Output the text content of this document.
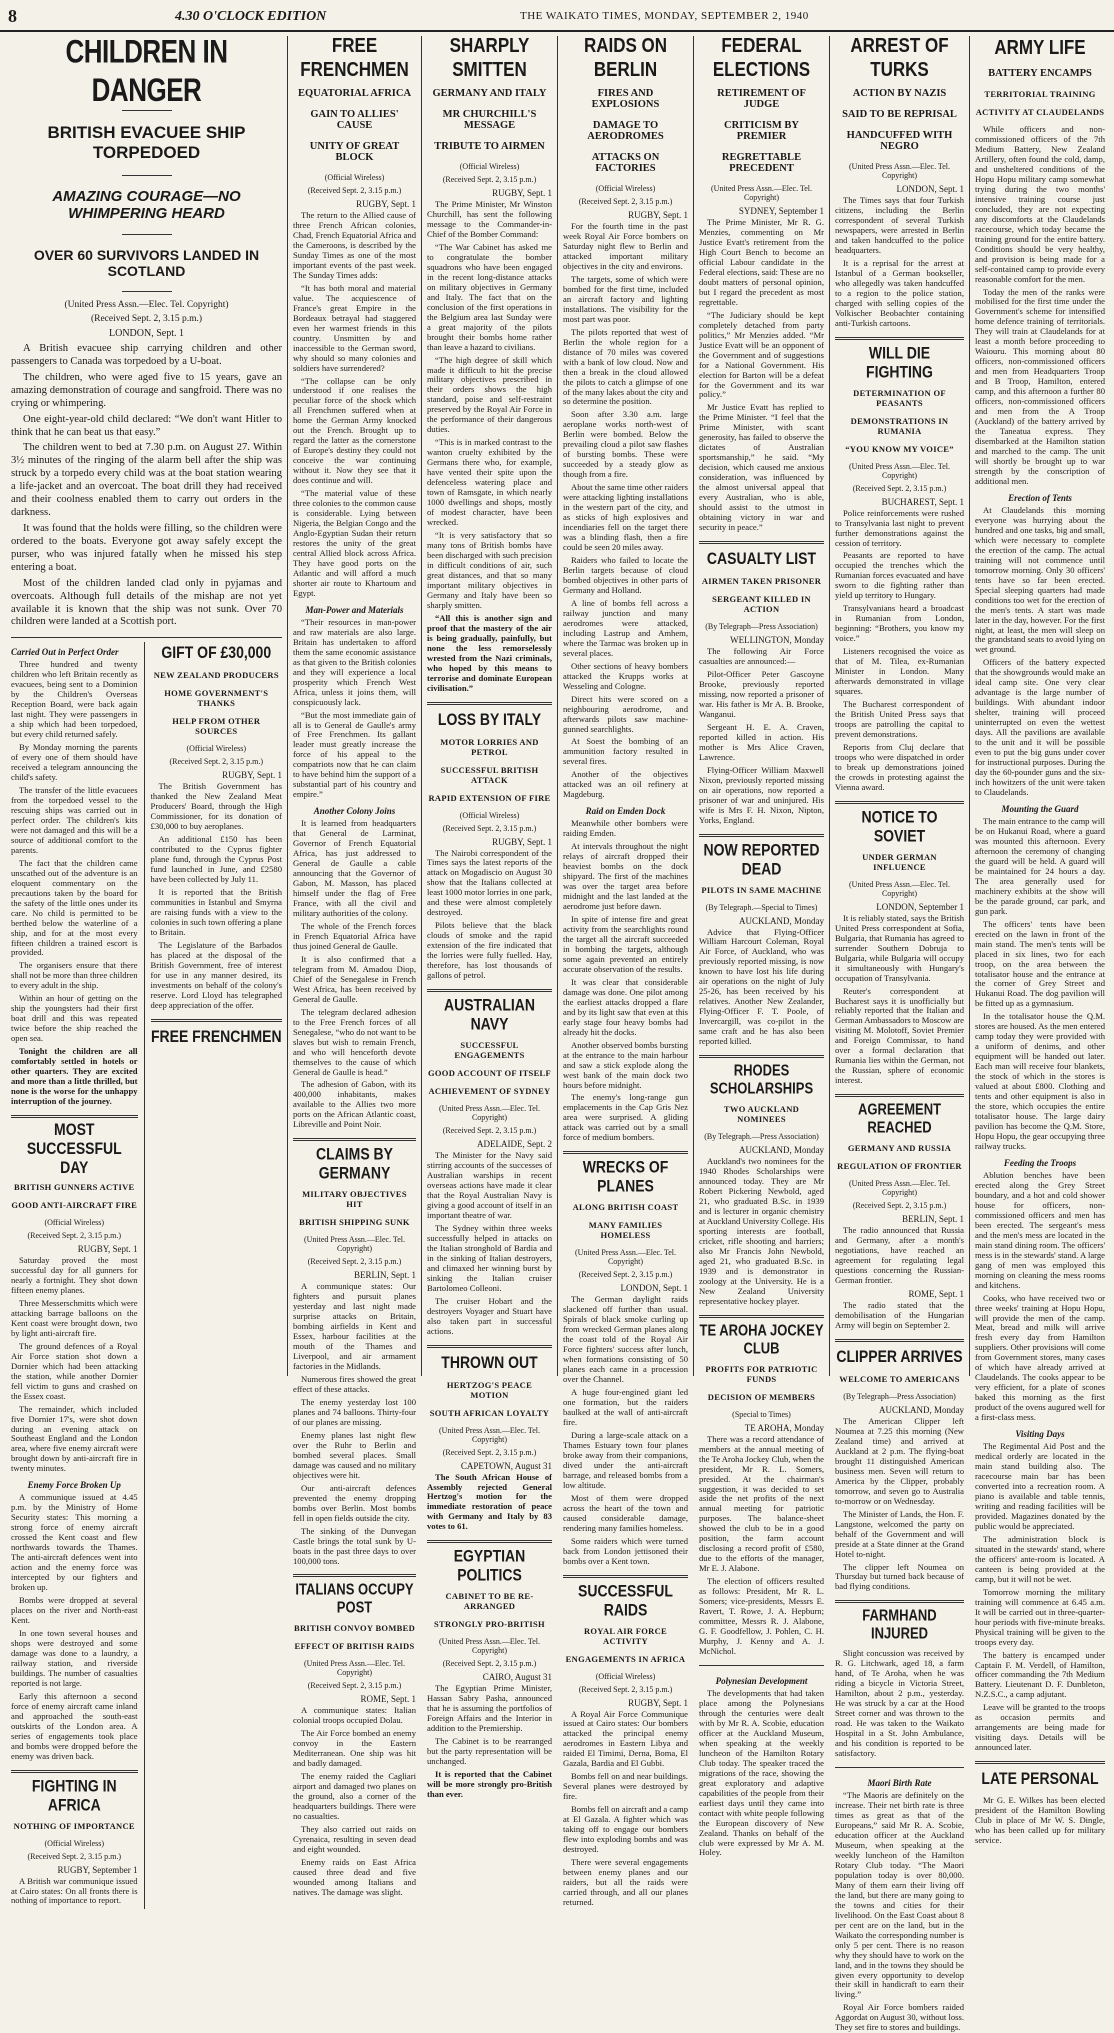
8	4.30 O'CLOCK EDITION	THE WAIKATO TIMES, MONDAY, SEPTEMBER 2, 1940
CHILDREN IN DANGER
BRITISH EVACUEE SHIP TORPEDOED
AMAZING COURAGE—NO WHIMPERING HEARD
OVER 60 SURVIVORS LANDED IN SCOTLAND
(United Press Assn.—Elec. Tel. Copyright)
(Received Sept. 2, 3.15 p.m.)
LONDON, Sept. 1

A British evacuee ship carrying children and other passengers to Canada was torpedoed by a U-boat.

The children, who were aged five to 15 years, gave an amazing demonstration of courage and sangfroid. There was no crying or whimpering.

One eight-year-old child declared: “We don't want Hitler to think that he can beat us that easy.”

The children went to bed at 7.30 p.m. on August 27. Within 3½ minutes of the ringing of the alarm bell after the ship was struck by a torpedo every child was at the boat station wearing a life-jacket and an overcoat. The boat drill they had received and their coolness enabled them to carry out orders in the darkness.

It was found that the holds were filling, so the children were ordered to the boats. Everyone got away safely except the purser, who was injured fatally when he missed his step entering a boat.

Most of the children landed clad only in pyjamas and overcoats. Although full details of the mishap are not yet available it is known that the ship was not sunk. Over 70 children were landed at a Scottish port.

Carried Out in Perfect Order

Three hundred and twenty children who left Britain recently as evacuees, being sent to a Dominion by the Children's Overseas Reception Board, were back again last night. They were passengers in a ship which had been torpedoed, but every child returned safely.

By Monday morning the parents of every one of them should have received a telegram announcing the child's safety.

The transfer of the little evacuees from the torpedoed vessel to the rescuing ships was carried out in perfect order. The children's kits were not damaged and this will be a source of additional comfort to the parents.

The fact that the children came unscathed out of the adventure is an eloquent commentary on the precautions taken by the board for the safety of the little ones under its care. No child is permitted to be berthed below the waterline of a ship, and for at the most every fifteen children a trained escort is provided.

The organisers ensure that there shall not be more than three children to every adult in the ship.

Within an hour of getting on the ship the youngsters had their first boat drill and this was repeated twice before the ship reached the open sea.

Tonight the children are all comfortably settled in hotels or other quarters. They are excited and more than a little thrilled, but none is the worse for the unhappy interruption of the journey.

MOST SUCCESSFUL DAY
BRITISH GUNNERS ACTIVE
GOOD ANTI-AIRCRAFT FIRE
(Official Wireless)
(Received Sept. 2, 3.15 p.m.)
RUGBY, Sept. 1

Saturday proved the most successful day for all gunners for nearly a fortnight. They shot down fifteen enemy planes.

Three Messerschmitts which were attacking barrage balloons on the Kent coast were brought down, two by light anti-aircraft fire.

The ground defences of a Royal Air Force station shot down a Dornier which had been attacking the station, while another Dornier fell victim to guns and crashed on the Essex coast.

The remainder, which included five Dornier 17's, were shot down during an evening attack on Southeast England and the London area, where five enemy aircraft were brought down by anti-aircraft fire in twenty minutes.

Enemy Force Broken Up

A communique issued at 4.45 p.m. by the Ministry of Home Security states: This morning a strong force of enemy aircraft crossed the Kent coast and flew northwards towards the Thames. The anti-aircraft defences went into action and the enemy force was intercepted by our fighters and broken up.

Bombs were dropped at several places on the river and North-east Kent.

In one town several houses and shops were destroyed and some damage was done to a laundry, a railway station, and riverside buildings. The number of casualties reported is not large.

Early this afternoon a second force of enemy aircraft came inland and approached the south-east outskirts of the London area. A series of engagements took place and bombs were dropped before the enemy was driven back.

FIGHTING IN AFRICA
NOTHING OF IMPORTANCE
(Official Wireless)
(Received Sept. 2, 3.15 p.m.)
RUGBY, September 1

A British war communique issued at Cairo states: On all fronts there is nothing of importance to report.

GIFT OF £30,000
NEW ZEALAND PRODUCERS
HOME GOVERNMENT'S THANKS
HELP FROM OTHER SOURCES
(Official Wireless)
(Received Sept. 2, 3.15 p.m.)
RUGBY, Sept. 1

The British Government has thanked the New Zealand Meat Producers' Board, through the High Commissioner, for its donation of £30,000 to buy aeroplanes.

An additional £150 has been contributed to the Cyprus fighter plane fund, through the Cyprus Post fund launched in June, and £2580 have been collected by July 11.

It is reported that the British communities in Istanbul and Smyrna are raising funds with a view to the colonies in such town offering a plane to Britain.

The Legislature of the Barbados has placed at the disposal of the British Government, free of interest for use in any manner desired, its investments on behalf of the colony's reserve. Lord Lloyd has telegraphed deep appreciation of the offer.

FREE FRENCHMEN
FREE FRENCHMEN
EQUATORIAL AFRICA
GAIN TO ALLIES' CAUSE
UNITY OF GREAT BLOCK
(Official Wireless)
(Received Sept. 2, 3.15 p.m.)
RUGBY, Sept. 1

The return to the Allied cause of three French African colonies, Chad, French Equatorial Africa and the Cameroons, is described by the Sunday Times as one of the most important events of the past week. The Sunday Times adds:

“It has both moral and material value. The acquiescence of France's great Empire in the Bordeaux betrayal had staggered even her warmest friends in this country. Unsmitten by and inaccessible to the German sword, why should so many colonies and soldiers have surrendered?

“The collapse can be only understood if one realises the peculiar force of the shock which all Frenchmen suffered when at home the German Army knocked out the French. Brought up to regard the latter as the cornerstone of Europe's destiny they could not conceive the war continuing without it. Now they see that it does continue and will.

“The material value of these three colonies to the common cause is considerable. Lying between Nigeria, the Belgian Congo and the Anglo-Egyptian Sudan their return restores the unity of the great central Allied block across Africa. They have good ports on the Atlantic and will afford a much shorter air route to Khartoum and Egypt.

Man-Power and Materials

“Their resources in man-power and raw materials are also large. Britain has undertaken to afford them the same economic assistance as that given to the British colonies and they will experience a local prosperity which French West Africa, unless it joins them, will conspicuously lack.

“But the most immediate gain of all is to General de Gaulle's army of Free Frenchmen. Its gallant leader must greatly increase the force of his appeal to the compatriots now that he can claim to have behind him the support of a substantial part of his country and empire.”

Another Colony Joins

It is learned from headquarters that General de Larminat, Governor of French Equatorial Africa, has just addressed to General de Gaulle a cable announcing that the Governor of Gabon, M. Masson, has placed himself under the flag of Free France, with all the civil and military authorities of the colony.

The whole of the French forces in French Equatorial Africa have thus joined General de Gaulle.

It is also confirmed that a telegram from M. Amadou Diop, Chief of the Senegalese in French West Africa, has been received by General de Gaulle.

The telegram declared adhesion to the Free French forces of all Senegalese, “who do not want to be slaves but wish to remain French, and who will henceforth devote themselves to the cause of which General de Gaulle is head.”

The adhesion of Gabon, with its 400,000 inhabitants, makes available to the Allies two more ports on the African Atlantic coast, Libreville and Point Noir.

CLAIMS BY GERMANY
MILITARY OBJECTIVES HIT
BRITISH SHIPPING SUNK
(United Press Assn.—Elec. Tel. Copyright)
(Received Sept. 2, 3.15 p.m.)
BERLIN, Sept. 1

A communique states: Our fighters and pursuit planes yesterday and last night made surprise attacks on Britain, bombing airfields in Kent and Essex, harbour facilities at the mouth of the Thames and Liverpool, and air armament factories in the Midlands.

Numerous fires showed the great effect of these attacks.

The enemy yesterday lost 100 planes and 74 balloons. Thirty-four of our planes are missing.

Enemy planes last night flew over the Ruhr to Berlin and bombed several places. Small damage was caused and no military objectives were hit.

Our anti-aircraft defences prevented the enemy dropping bombs over Berlin. Most bombs fell in open fields outside the city.

The sinking of the Dunvegan Castle brings the total sunk by U-boats in the past three days to over 100,000 tons.

ITALIANS OCCUPY POST
BRITISH CONVOY BOMBED
EFFECT OF BRITISH RAIDS
(United Press Assn.—Elec. Tel. Copyright)
(Received Sept. 2, 3.15 p.m.)
ROME, Sept. 1

A communique states: Italian colonial troops occupied Dolau.

The Air Force bombed an enemy convoy in the Eastern Mediterranean. One ship was hit and badly damaged.

The enemy raided the Cagliari airport and damaged two planes on the ground, also a corner of the headquarters buildings. There were no casualties.

They also carried out raids on Cyrenaica, resulting in seven dead and eight wounded.

Enemy raids on East Africa caused three dead and five wounded among Italians and natives. The damage was slight.

SHARPLY SMITTEN
GERMANY AND ITALY
MR CHURCHILL'S MESSAGE
TRIBUTE TO AIRMEN
(Official Wireless)
(Received Sept. 2, 3.15 p.m.)
RUGBY, Sept. 1

The Prime Minister, Mr Winston Churchill, has sent the following message to the Commander-in-Chief of the Bomber Command:

“The War Cabinet has asked me to congratulate the bomber squadrons who have been engaged in the recent long-distance attacks on military objectives in Germany and Italy. The fact that on the conclusion of the first operations in the Belgium area last Sunday were a great majority of the pilots brought their bombs home rather than leave a hazard to civilians.

“The high degree of skill which made it difficult to hit the precise military objectives prescribed in their orders shows the high standard, poise and self-restraint preserved by the Royal Air Force in the performance of their dangerous duties.

“This is in marked contrast to the wanton cruelty exhibited by the Germans there who, for example, have vented their spite upon the defenceless watering place and town of Ramsgate, in which nearly 1000 dwellings and shops, mostly of modest character, have been wrecked.

“It is very satisfactory that so many tons of British bombs have been discharged with such precision in difficult conditions of air, such great distances, and that so many important military objectives in Germany and Italy have been so sharply smitten.

“All this is another sign and proof that the mastery of the air is being gradually, painfully, but none the less remorselessly wrested from the Nazi criminals, who hoped by this means to terrorise and dominate European civilisation.”

LOSS BY ITALY
MOTOR LORRIES AND PETROL
SUCCESSFUL BRITISH ATTACK
RAPID EXTENSION OF FIRE
(Official Wireless)
(Received Sept. 2, 3.15 p.m.)
RUGBY, Sept. 1

The Nairobi correspondent of the Times says the latest reports of the attack on Mogadiscio on August 30 show that the Italians collected at least 1000 motor lorries in one park, and these were almost completely destroyed.

Pilots believe that the black clouds of smoke and the rapid extension of the fire indicated that the lorries were fully fuelled. Hay, therefore, has lost thousands of gallons of petrol.

AUSTRALIAN NAVY
SUCCESSFUL ENGAGEMENTS
GOOD ACCOUNT OF ITSELF
ACHIEVEMENT OF SYDNEY
(United Press Assn.—Elec. Tel. Copyright)
(Received Sept. 2, 3.15 p.m.)
ADELAIDE, Sept. 2

The Minister for the Navy said stirring accounts of the successes of Australian warships in recent overseas actions have made it clear that the Royal Australian Navy is giving a good account of itself in an important theatre of war.

The Sydney within three weeks successfully helped in attacks on the Italian stronghold of Bardia and in the sinking of Italian destroyers, and climaxed her winning burst by sinking the Italian cruiser Bartolomeo Colleoni.

The cruiser Hobart and the destroyers Voyager and Stuart have also taken part in successful actions.

THROWN OUT
HERTZOG'S PEACE MOTION
SOUTH AFRICAN LOYALTY
(United Press Assn.—Elec. Tel. Copyright)
(Received Sept. 2, 3.15 p.m.)
CAPETOWN, August 31

The South African House of Assembly rejected General Hertzog's motion for the immediate restoration of peace with Germany and Italy by 83 votes to 61.

EGYPTIAN POLITICS
CABINET TO BE RE-ARRANGED
STRONGLY PRO-BRITISH
(United Press Assn.—Elec. Tel. Copyright)
(Received Sept. 2, 3.15 p.m.)
CAIRO, August 31

The Egyptian Prime Minister, Hassan Sabry Pasha, announced that he is assuming the portfolios of Foreign Affairs and the Interior in addition to the Premiership.

The Cabinet is to be rearranged but the party representation will be unchanged.

It is reported that the Cabinet will be more strongly pro-British than ever.

RAIDS ON BERLIN
FIRES AND EXPLOSIONS
DAMAGE TO AERODROMES
ATTACKS ON FACTORIES
(Official Wireless)
(Received Sept. 2, 3.15 p.m.)
RUGBY, Sept. 1

For the fourth time in the past week Royal Air Force bombers on Saturday night flew to Berlin and attacked important military objectives in the city and environs.

The targets, some of which were bombed for the first time, included an aircraft factory and lighting installations. The visibility for the most part was poor.

The pilots reported that west of Berlin the whole region for a distance of 70 miles was covered with a bank of low cloud. Now and then a break in the cloud allowed the pilots to catch a glimpse of one of the many lakes about the city and so determine the position.

Soon after 3.30 a.m. large aeroplane works north-west of Berlin were bombed. Below the prevailing cloud a pilot saw flashes of bursting bombs. These were succeeded by a steady glow as though from a fire.

About the same time other raiders were attacking lighting installations in the western part of the city, and as sticks of high explosives and incendiaries fell on the target there was a blinding flash, then a fire could be seen 20 miles away.

Raiders who failed to locate the Berlin targets because of cloud bombed objectives in other parts of Germany and Holland.

A line of bombs fell across a railway junction and many aerodromes were attacked, including Lastrup and Amhem, where the Tarmac was broken up in several places.

Other sections of heavy bombers attacked the Krupps works at Wesseling and Cologne.

Direct hits were scored on a neighbouring aerodrome, and afterwards pilots saw machine-gunned searchlights.

At Soest the bombing of an ammunition factory resulted in several fires.

Another of the objectives attacked was an oil refinery at Magdeburg.

Raid on Emden Dock

Meanwhile other bombers were raiding Emden.

At intervals throughout the night relays of aircraft dropped their heaviest bombs on the dock shipyard. The first of the machines was over the target area before midnight and the last landed at the aerodrome just before dawn.

In spite of intense fire and great activity from the searchlights round the target all the aircraft succeeded in bombing the targets, although some again prevented an entirely accurate observation of the results.

It was clear that considerable damage was done. One pilot among the earliest attacks dropped a flare and by its light saw that even at this early stage four heavy bombs had already hit the docks.

Another observed bombs bursting at the entrance to the main harbour and saw a stick explode along the west bank of the main dock two hours before midnight.

The enemy's long-range gun emplacements in the Cap Gris Nez area were surprised. A gliding attack was carried out by a small force of medium bombers.

WRECKS OF PLANES
ALONG BRITISH COAST
MANY FAMILIES HOMELESS
(United Press Assn.—Elec. Tel. Copyright)
(Received Sept. 2, 3.15 p.m.)
LONDON, Sept. 1

The German daylight raids slackened off further than usual. Spirals of black smoke curling up from wrecked German planes along the coast told of the Royal Air Force fighters' success after lunch, when formations consisting of 50 planes each came in a procession over the Channel.

A huge four-engined giant led one formation, but the raiders baulked at the wall of anti-aircraft fire.

During a large-scale attack on a Thames Estuary town four planes broke away from their companions, dived under the anti-aircraft barrage, and released bombs from a low altitude.

Most of them were dropped across the heart of the town and caused considerable damage, rendering many families homeless.

Some raiders which were turned back from London jettisoned their bombs over a Kent town.

SUCCESSFUL RAIDS
ROYAL AIR FORCE ACTIVITY
ENGAGEMENTS IN AFRICA
(Official Wireless)
(Received Sept. 2, 3.15 p.m.)
RUGBY, Sept. 1

A Royal Air Force Communique issued at Cairo states: Our bombers attacked the principal enemy aerodromes in Eastern Libya and raided El Timimi, Derna, Boma, El Gazala, Bardia and El Gubbi.

Bombs fell on and near buildings. Several planes were destroyed by fire.

Bombs fell on aircraft and a camp at El Gazala. A fighter which was taking off to engage our bombers flew into exploding bombs and was destroyed.

There were several engagements between enemy planes and our raiders, but all the raids were carried through, and all our planes returned.

FEDERAL ELECTIONS
RETIREMENT OF JUDGE
CRITICISM BY PREMIER
REGRETTABLE PRECEDENT
(United Press Assn.—Elec. Tel. Copyright)
SYDNEY, September 1

The Prime Minister, Mr R. G. Menzies, commenting on Mr Justice Evatt's retirement from the High Court Bench to become an official Labour candidate in the Federal elections, said: These are no doubt matters of personal opinion, but I regard the precedent as most regrettable.

“The Judiciary should be kept completely detached from party politics,” Mr Menzies added. “Mr Justice Evatt will be an opponent of the Government and of suggestions for a National Government. His election for Barton will be a defeat for the Government and its war policy.”

Mr Justice Evatt has replied to the Prime Minister. “I feel that the Prime Minister, with scant generosity, has failed to observe the dictates of Australian sportsmanship,” he said. “My decision, which caused me anxious consideration, was influenced by the almost universal appeal that every Australian, who is able, should assist to the utmost in obtaining victory in war and security in peace.”

CASUALTY LIST
AIRMEN TAKEN PRISONER
SERGEANT KILLED IN ACTION
(By Telegraph—Press Association)
WELLINGTON, Monday

The following Air Force casualties are announced:—

Pilot-Officer Peter Gascoyne Brooke, previously reported missing, now reported a prisoner of war. His father is Mr A. B. Brooke, Wanganui.

Sergeant H. E. A. Craven, reported killed in action. His mother is Mrs Alice Craven, Lawrence.

Flying-Officer William Maxwell Nixon, previously reported missing on air operations, now reported a prisoner of war and uninjured. His wife is Mrs F. H. Nixon, Nipton, Yorks, England.

NOW REPORTED DEAD
PILOTS IN SAME MACHINE
(By Telegraph.—Special to Times)
AUCKLAND, Monday

Advice that Flying-Officer William Harcourt Coleman, Royal Air Force, of Auckland, who was previously reported missing, is now known to have lost his life during air operations on the night of July 25-26, has been received by his relatives. Another New Zealander, Flying-Officer F. T. Poole, of Invercargill, was co-pilot in the same craft and he has also been reported killed.

RHODES SCHOLARSHIPS
TWO AUCKLAND NOMINEES
(By Telegraph.—Press Association)
AUCKLAND, Monday

Auckland's two nominees for the 1940 Rhodes Scholarships were announced today. They are Mr Robert Pickering Newbold, aged 21, who graduated B.Sc. in 1939 and is lecturer in organic chemistry at Auckland University College. His sporting interests are football, cricket, rifle shooting and harriers; also Mr Francis John Newbold, aged 21, who graduated B.Sc. in 1939 and is demonstrator in zoology at the University. He is a New Zealand University representative hockey player.

TE AROHA JOCKEY CLUB
PROFITS FOR PATRIOTIC FUNDS
DECISION OF MEMBERS
(Special to Times)
TE AROHA, Monday

There was a record attendance of members at the annual meeting of the Te Aroha Jockey Club, when the president, Mr R. L. Somers, presided. At the chairman's suggestion, it was decided to set aside the net profits of the next annual meeting for patriotic purposes. The balance-sheet showed the club to be in a good position, the farm account disclosing a record profit of £580, due to the efforts of the manager, Mr E. J. Alabone.

The election of officers resulted as follows: President, Mr R. L. Somers; vice-presidents, Messrs E. Ravert, T. Rowe, J. A. Hepburn; committee, Messrs R. J. Alabone, G. F. Goodfellow, J. Pohlen, C. H. Murphy, J. Kenny and A. J. McNichol.

Polynesian Development

The developments that had taken place among the Polynesians through the centuries were dealt with by Mr R. A. Scobie, education officer at the Auckland Museum, when speaking at the weekly luncheon of the Hamilton Rotary Club today. The speaker traced the migrations of the race, showing the great exploratory and adaptive capabilities of the people from their earliest days until they came into contact with white people following the European discovery of New Zealand. Thanks on behalf of the club were expressed by Mr A. M. Holey.

ARREST OF TURKS
ACTION BY NAZIS
SAID TO BE REPRISAL
HANDCUFFED WITH NEGRO
(United Press Assn.—Elec. Tel. Copyright)
LONDON, Sept. 1

The Times says that four Turkish citizens, including the Berlin correspondent of several Turkish newspapers, were arrested in Berlin and taken handcuffed to the police headquarters.

It is a reprisal for the arrest at Istanbul of a German bookseller, who allegedly was taken handcuffed to a region to the police station, charged with selling copies of the Volkischer Beobachter containing anti-Turkish cartoons.

WILL DIE FIGHTING
DETERMINATION OF PEASANTS
DEMONSTRATIONS IN RUMANIA
“YOU KNOW MY VOICE”
(United Press Assn.—Elec. Tel. Copyright)
(Received Sept. 2, 3.15 p.m.)
BUCHAREST, Sept. 1

Police reinforcements were rushed to Transylvania last night to prevent further demonstrations against the cession of territory.

Peasants are reported to have occupied the trenches which the Rumanian forces evacuated and have sworn to die fighting rather than yield up territory to Hungary.

Transylvanians heard a broadcast in Rumanian from London, beginning: “Brothers, you know my voice.”

Listeners recognised the voice as that of M. Tilea, ex-Rumanian Minister in London. Many afterwards demonstrated in village squares.

The Bucharest correspondent of the British United Press says that troops are patrolling the capital to prevent demonstrations.

Reports from Cluj declare that troops who were dispatched in order to break up demonstrations joined the crowds in protesting against the Vienna award.

NOTICE TO SOVIET
UNDER GERMAN INFLUENCE
(United Press Assn.—Elec. Tel. Copyright)
LONDON, September 1

It is reliably stated, says the British United Press correspondent at Sofia, Bulgaria, that Rumania has agreed to surrender Southern Dobruja to Bulgaria, while Bulgaria will occupy it simultaneously with Hungary's occupation of Transylvania.

Reuter's correspondent at Bucharest says it is unofficially but reliably reported that the Italian and German Ambassadors to Moscow are visiting M. Molotoff, Soviet Premier and Foreign Commissar, to hand over a formal declaration that Rumania lies within the German, not the Russian, sphere of economic interest.

AGREEMENT REACHED
GERMANY AND RUSSIA
REGULATION OF FRONTIER
(United Press Assn.—Elec. Tel. Copyright)
(Received Sept. 2, 3.15 p.m.)
BERLIN, Sept. 1

The radio announced that Russia and Germany, after a month's negotiations, have reached an agreement for regulating legal questions concerning the Russian-German frontier.

ROME, Sept. 1

The radio stated that the demobilisation of the Hungarian Army will begin on September 2.

CLIPPER ARRIVES
WELCOME TO AMERICANS
(By Telegraph—Press Association)
AUCKLAND, Monday

The American Clipper left Noumea at 7.25 this morning (New Zealand time) and arrived at Auckland at 2 p.m. The flying-boat brought 11 distinguished American business men. Seven will return to America by the Clipper, probably tomorrow, and seven go to Australia to-morrow or on Wednesday.

The Minister of Lands, the Hon. F. Langstone, welcomed the party on behalf of the Government and will preside at a State dinner at the Grand Hotel to-night.

The clipper left Noumea on Thursday but turned back because of bad flying conditions.

FARMHAND INJURED

Slight concussion was received by R. G. Litchwark, aged 18, a farm hand, of Te Aroha, when he was riding a bicycle in Victoria Street, Hamilton, about 2 p.m., yesterday. He was struck by a car at the Hood Street corner and was thrown to the road. He was taken to the Waikato Hospital in a St. John Ambulance, and his condition is reported to be satisfactory.

Maori Birth Rate

“The Maoris are definitely on the increase. Their net birth rate is three times as great as that of the Europeans,” said Mr R. A. Scobie, education officer at the Auckland Museum, when speaking at the weekly luncheon of the Hamilton Rotary Club today. “The Maori population today is over 80,000. Many of them earn their living off the land, but there are many going to the towns and cities for their livelihood. On the East Coast about 8 per cent are on the land, but in the Waikato the corresponding number is only 5 per cent. There is no reason why they should have to work on the land, and in the towns they should be given every opportunity to develop their skill in handicraft to earn their living.”

Royal Air Force bombers raided Aggordat on August 30, without loss. They set fire to stores and buildings.

ARMY LIFE
BATTERY ENCAMPS
TERRITORIAL TRAINING
ACTIVITY AT CLAUDELANDS

While officers and non-commissioned officers of the 7th Medium Battery, New Zealand Artillery, often found the cold, damp, and unsheltered conditions of the Hopu Hopu military camp somewhat trying during the two months' intensive training course just concluded, they are not expecting any discomforts at the Claudelands racecourse, which today became the training ground for the entire battery. Conditions should be very healthy, and provision is being made for a self-contained camp to provide every reasonable comfort for the men.

Today the men of the ranks were mobilised for the first time under the Government's scheme for intensified home defence training of territorials. They will train at Claudelands for at least a month before proceeding to Waiouru. This morning about 80 officers, non-commissioned officers and men from Headquarters Troop and B Troop, Hamilton, entered camp, and this afternoon a further 80 officers, non-commissioned officers and men from the A Troop (Auckland) of the battery arrived by the Taneatua express. They disembarked at the Hamilton station and marched to the camp. The unit will shortly be brought up to war strength by the conscription of additional men.

Erection of Tents

At Claudelands this morning everyone was hurrying about the hundred and one tasks, big and small, which were necessary to complete the erection of the camp. The actual training will not commence until tomorrow morning. Only 30 officers' tents have so far been erected. Special sleeping quarters had made conditions too wet for the erection of the men's tents. A start was made later in the day, however. For the first night, at least, the men will sleep on the grandstand seats to avoid lying on wet ground.

Officers of the battery expected that the showgrounds would make an ideal camp site. One very clear advantage is the large number of buildings. With abundant indoor shelter, training will proceed uninterrupted on even the wettest days. All the pavilions are available to the unit and it will be possible even to put the big guns under cover for instructional purposes. During the day the 60-pounder guns and the six-inch howitzers of the unit were taken to Claudelands.

Mounting the Guard

The main entrance to the camp will be on Hukanui Road, where a guard was mounted this afternoon. Every afternoon the ceremony of changing the guard will be held. A guard will be maintained for 24 hours a day. The area generally used for machinery exhibits at the show will be the parade ground, car park, and gun park.

The officers' tents have been erected on the lawn in front of the main stand. The men's tents will be placed in six lines, two for each troop, on the area between the totalisator house and the entrance at the corner of Grey Street and Hukanui Road. The dog pavilion will be fitted up as a gymnasium.

In the totalisator house the Q.M. stores are housed. As the men entered camp today they were provided with a uniform of denims, and other equipment will be handed out later. Each man will receive four blankets, the stock of which in the stores is valued at about £800. Clothing and tents and other equipment is also in the store, which occupies the entire totalisator house. The large dairy pavilion has become the Q.M. Store, Hopu Hopu, the gear occupying three railway trucks.

Feeding the Troops

Ablution benches have been erected along the Grey Street boundary, and a hot and cold shower house for officers, non-commissioned officers and men has been erected. The sergeant's mess and the men's mess are located in the main stand dining room. The officers' mess is in the stewards' stand. A large gang of men was employed this morning on cleaning the mess rooms and kitchens.

Cooks, who have received two or three weeks' training at Hopu Hopu, will provide the men of the camp. Meat, bread and milk will arrive fresh every day from Hamilton suppliers. Other provisions will come from Government stores, many cases of which have already arrived at Claudelands. The cooks appear to be very efficient, for a plate of scones baked this morning as the first product of the ovens augured well for a first-class mess.

Visiting Days

The Regimental Aid Post and the medical orderly are located in the main stand building also. The racecourse main bar has been converted into a recreation room. A piano is available and table tennis, writing and reading facilities will be provided. Magazines donated by the public would be appreciated.

The administration block is situated in the stewards' stand, where the officers' ante-room is located. A canteen is being provided at the camp, but it will not be wet.

Tomorrow morning the military training will commence at 6.45 a.m. It will be carried out in three-quarter-hour periods with five-minute breaks. Physical training will be given to the troops every day.

The battery is encamped under Captain F. M. Verdell, of Hamilton, officer commanding the 7th Medium Battery. Lieutenant D. F. Dunbleton, N.Z.S.C., a camp adjutant.

Leave will be granted to the troops as occasion permits and arrangements are being made for visiting days. Details will be announced later.

LATE PERSONAL

Mr G. E. Wilkes has been elected president of the Hamilton Bowling Club in place of Mr W. S. Dingle, who has been called up for military service.
